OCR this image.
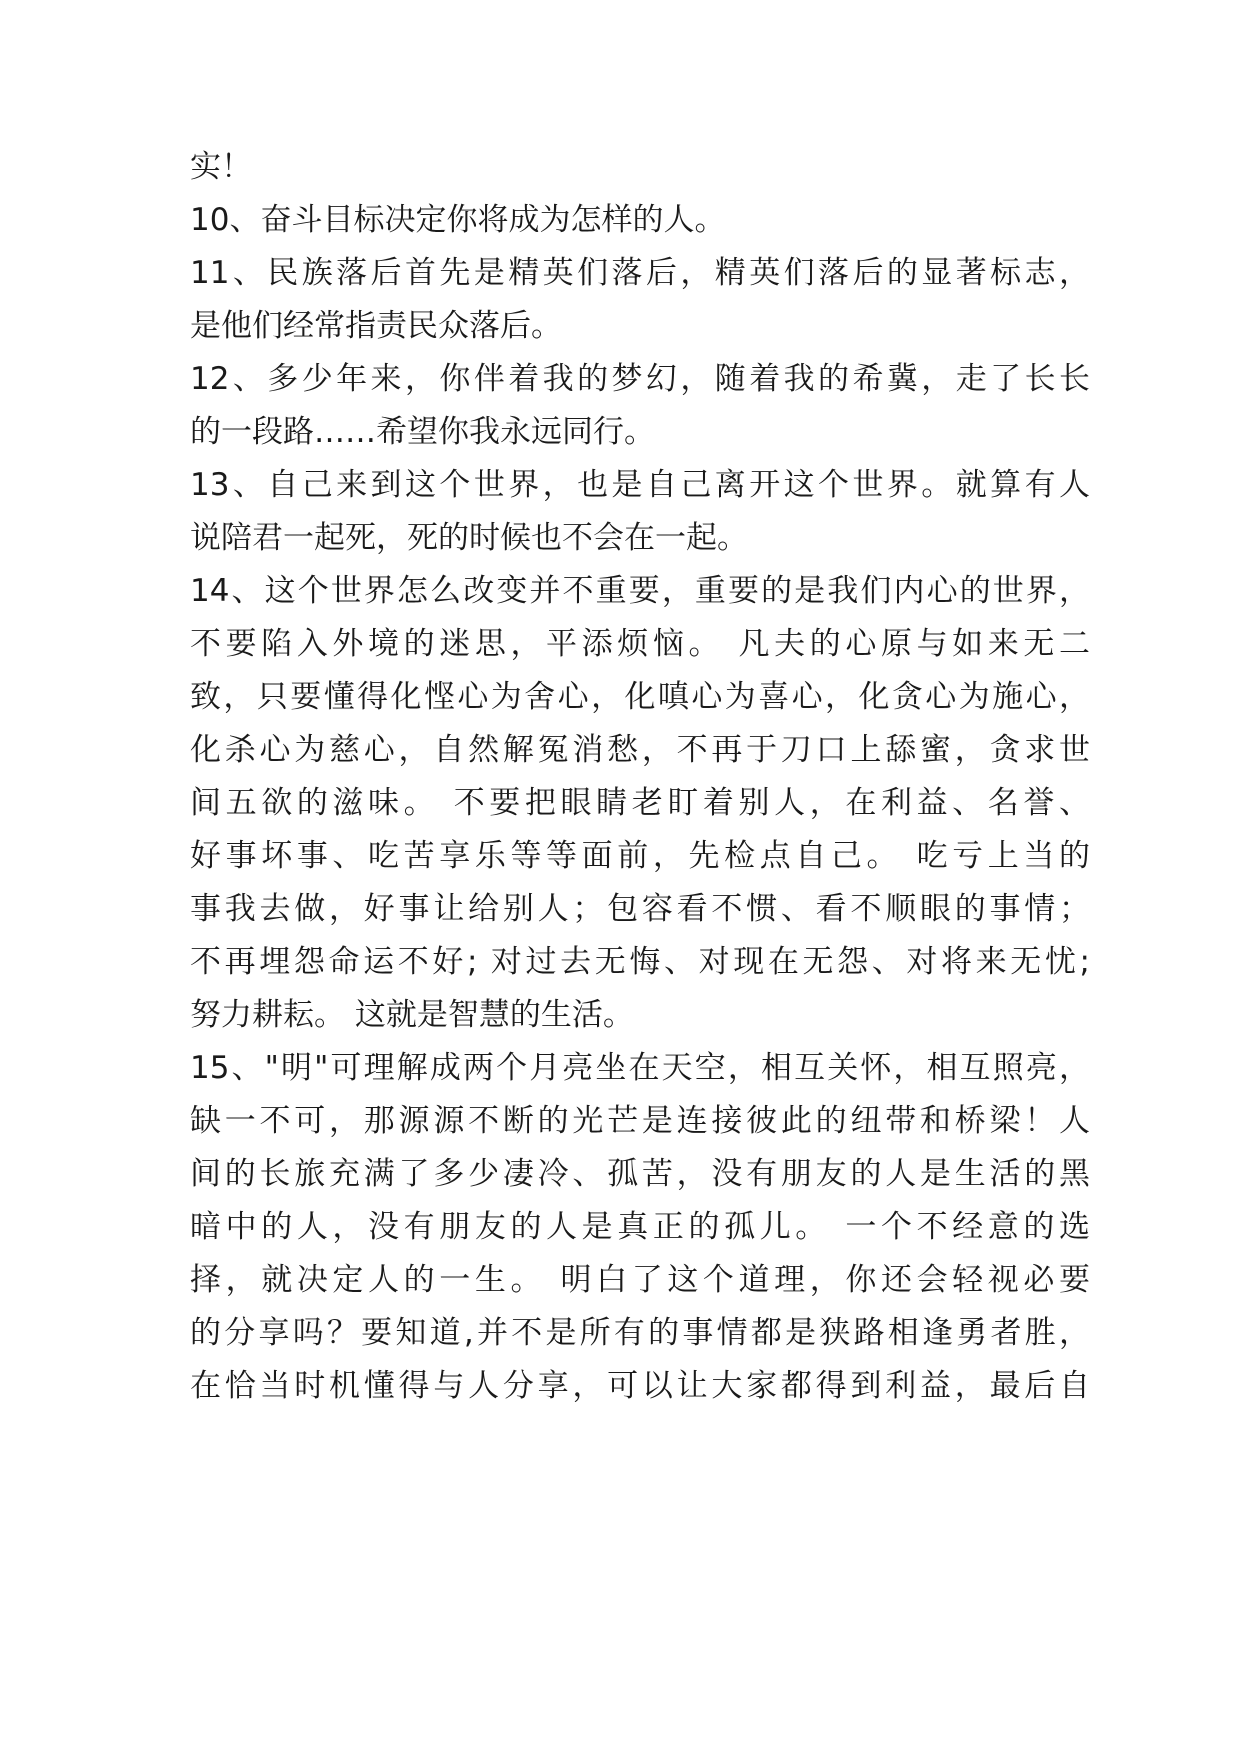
实！
10、奋斗目标决定你将成为怎样的人。
11、民族落后首先是精英们落后，精英们落后的显著标志，
是他们经常指责民众落后。
12、多少年来，你伴着我的梦幻，随着我的希冀，走了长长
的一段路……希望你我永远同行。
13、自己来到这个世界，也是自己离开这个世界。就算有人
说陪君一起死，死的时候也不会在一起。
14、这个世界怎么改变并不重要，重要的是我们内心的世界，
不要陷入外境的迷思，平添烦恼。 凡夫的心原与如来无二
致，只要懂得化悭心为舍心，化嗔心为喜心，化贪心为施心，
化杀心为慈心，自然解冤消愁，不再于刀口上舔蜜，贪求世
间五欲的滋味。 不要把眼睛老盯着别人，在利益、名誉、
好事坏事、吃苦享乐等等面前，先检点自己。 吃亏上当的
事我去做，好事让给别人；包容看不惯、看不顺眼的事情；
不再埋怨命运不好; 对过去无悔、对现在无怨、对将来无忧;
努力耕耘。 这就是智慧的生活。
15、"明"可理解成两个月亮坐在天空，相互关怀，相互照亮，
缺一不可，那源源不断的光芒是连接彼此的纽带和桥梁！人
间的长旅充满了多少凄冷、孤苦，没有朋友的人是生活的黑
暗中的人，没有朋友的人是真正的孤儿。 一个不经意的选
择，就决定人的一生。 明白了这个道理，你还会轻视必要
的分享吗？要知道,并不是所有的事情都是狭路相逢勇者胜，
在恰当时机懂得与人分享，可以让大家都得到利益，最后自
